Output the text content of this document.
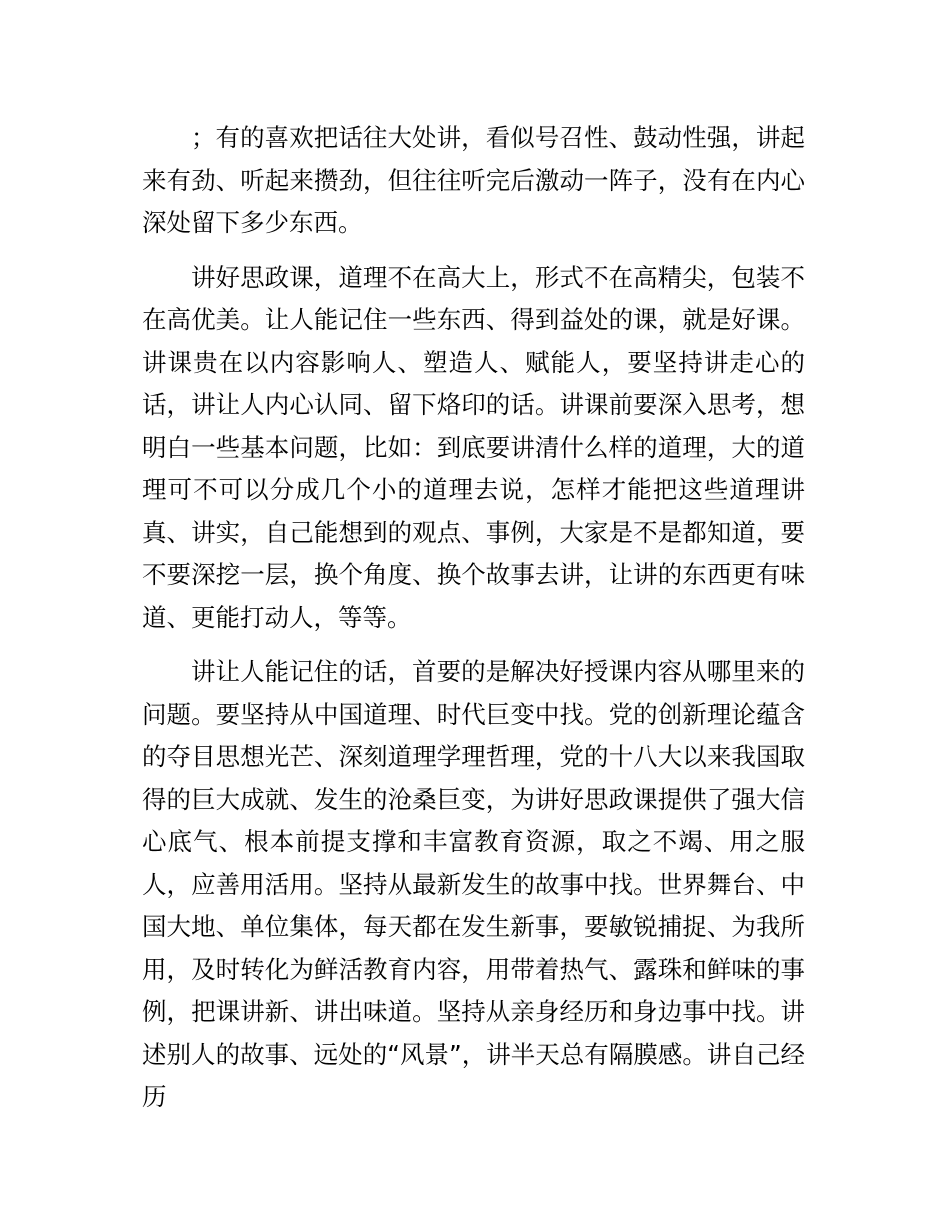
；有的喜欢把话往大处讲，看似号召性、鼓动性强，讲起来有劲、听起来攒劲，但往往听完后激动一阵子，没有在内心深处留下多少东西。

讲好思政课，道理不在高大上，形式不在高精尖，包装不在高优美。让人能记住一些东西、得到益处的课，就是好课。讲课贵在以内容影响人、塑造人、赋能人，要坚持讲走心的话，讲让人内心认同、留下烙印的话。讲课前要深入思考，想明白一些基本问题，比如：到底要讲清什么样的道理，大的道理可不可以分成几个小的道理去说，怎样才能把这些道理讲真、讲实，自己能想到的观点、事例，大家是不是都知道，要不要深挖一层，换个角度、换个故事去讲，让讲的东西更有味道、更能打动人，等等。

讲让人能记住的话，首要的是解决好授课内容从哪里来的问题。要坚持从中国道理、时代巨变中找。党的创新理论蕴含的夺目思想光芒、深刻道理学理哲理，党的十八大以来我国取得的巨大成就、发生的沧桑巨变，为讲好思政课提供了强大信心底气、根本前提支撑和丰富教育资源，取之不竭、用之服人，应善用活用。坚持从最新发生的故事中找。世界舞台、中国大地、单位集体，每天都在发生新事，要敏锐捕捉、为我所用，及时转化为鲜活教育内容，用带着热气、露珠和鲜味的事例，把课讲新、讲出味道。坚持从亲身经历和身边事中找。讲述别人的故事、远处的“风景”，讲半天总有隔膜感。讲自己经历
